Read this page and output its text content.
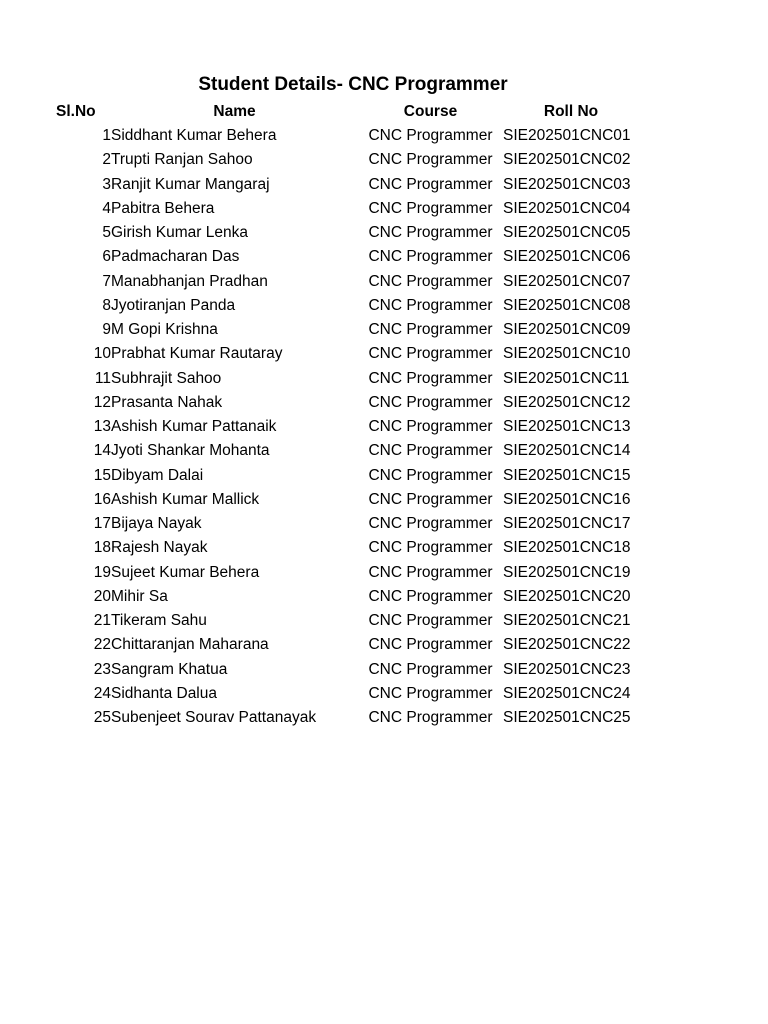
Student Details- CNC Programmer
Sl.No	Name	Course	Roll No
1	Siddhant Kumar Behera	CNC Programmer	SIE202501CNC01
2	Trupti Ranjan Sahoo	CNC Programmer	SIE202501CNC02
3	Ranjit Kumar Mangaraj	CNC Programmer	SIE202501CNC03
4	Pabitra Behera	CNC Programmer	SIE202501CNC04
5	Girish Kumar Lenka	CNC Programmer	SIE202501CNC05
6	Padmacharan Das	CNC Programmer	SIE202501CNC06
7	Manabhanjan Pradhan	CNC Programmer	SIE202501CNC07
8	Jyotiranjan Panda	CNC Programmer	SIE202501CNC08
9	M Gopi Krishna	CNC Programmer	SIE202501CNC09
10	Prabhat Kumar Rautaray	CNC Programmer	SIE202501CNC10
11	Subhrajit Sahoo	CNC Programmer	SIE202501CNC11
12	Prasanta Nahak	CNC Programmer	SIE202501CNC12
13	Ashish Kumar Pattanaik	CNC Programmer	SIE202501CNC13
14	Jyoti Shankar Mohanta	CNC Programmer	SIE202501CNC14
15	Dibyam Dalai	CNC Programmer	SIE202501CNC15
16	Ashish Kumar Mallick	CNC Programmer	SIE202501CNC16
17	Bijaya Nayak	CNC Programmer	SIE202501CNC17
18	Rajesh Nayak	CNC Programmer	SIE202501CNC18
19	Sujeet Kumar Behera	CNC Programmer	SIE202501CNC19
20	Mihir Sa	CNC Programmer	SIE202501CNC20
21	Tikeram Sahu	CNC Programmer	SIE202501CNC21
22	Chittaranjan Maharana	CNC Programmer	SIE202501CNC22
23	Sangram Khatua	CNC Programmer	SIE202501CNC23
24	Sidhanta Dalua	CNC Programmer	SIE202501CNC24
25	Subenjeet Sourav Pattanayak	CNC Programmer	SIE202501CNC25
